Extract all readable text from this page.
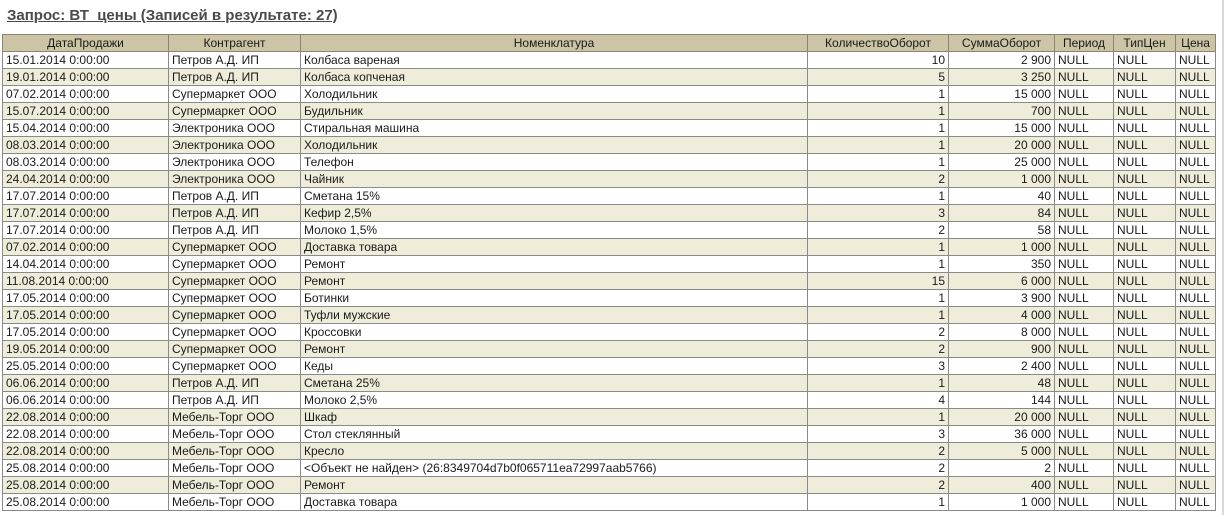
Запрос: ВТ_цены (Записей в результате: 27)
ДатаПродажи	Контрагент	Номенклатура	КоличествоОборот	СуммаОборот	Период	ТипЦен	Цена
15.01.2014 0:00:00	Петров А.Д. ИП	Колбаса вареная	10	2 900	NULL	NULL	NULL
19.01.2014 0:00:00	Петров А.Д. ИП	Колбаса копченая	5	3 250	NULL	NULL	NULL
07.02.2014 0:00:00	Супермаркет ООО	Холодильник	1	15 000	NULL	NULL	NULL
15.07.2014 0:00:00	Супермаркет ООО	Будильник	1	700	NULL	NULL	NULL
15.04.2014 0:00:00	Электроника ООО	Стиральная машина	1	15 000	NULL	NULL	NULL
08.03.2014 0:00:00	Электроника ООО	Холодильник	1	20 000	NULL	NULL	NULL
08.03.2014 0:00:00	Электроника ООО	Телефон	1	25 000	NULL	NULL	NULL
24.04.2014 0:00:00	Электроника ООО	Чайник	2	1 000	NULL	NULL	NULL
17.07.2014 0:00:00	Петров А.Д. ИП	Сметана 15%	1	40	NULL	NULL	NULL
17.07.2014 0:00:00	Петров А.Д. ИП	Кефир 2,5%	3	84	NULL	NULL	NULL
17.07.2014 0:00:00	Петров А.Д. ИП	Молоко 1,5%	2	58	NULL	NULL	NULL
07.02.2014 0:00:00	Супермаркет ООО	Доставка товара	1	1 000	NULL	NULL	NULL
14.04.2014 0:00:00	Супермаркет ООО	Ремонт	1	350	NULL	NULL	NULL
11.08.2014 0:00:00	Супермаркет ООО	Ремонт	15	6 000	NULL	NULL	NULL
17.05.2014 0:00:00	Супермаркет ООО	Ботинки	1	3 900	NULL	NULL	NULL
17.05.2014 0:00:00	Супермаркет ООО	Туфли мужские	1	4 000	NULL	NULL	NULL
17.05.2014 0:00:00	Супермаркет ООО	Кроссовки	2	8 000	NULL	NULL	NULL
19.05.2014 0:00:00	Супермаркет ООО	Ремонт	2	900	NULL	NULL	NULL
25.05.2014 0:00:00	Супермаркет ООО	Кеды	3	2 400	NULL	NULL	NULL
06.06.2014 0:00:00	Петров А.Д. ИП	Сметана 25%	1	48	NULL	NULL	NULL
06.06.2014 0:00:00	Петров А.Д. ИП	Молоко 2,5%	4	144	NULL	NULL	NULL
22.08.2014 0:00:00	Мебель-Торг ООО	Шкаф	1	20 000	NULL	NULL	NULL
22.08.2014 0:00:00	Мебель-Торг ООО	Стол стеклянный	3	36 000	NULL	NULL	NULL
22.08.2014 0:00:00	Мебель-Торг ООО	Кресло	2	5 000	NULL	NULL	NULL
25.08.2014 0:00:00	Мебель-Торг ООО	<Объект не найден> (26:8349704d7b0f065711ea72997aab5766)	2	2	NULL	NULL	NULL
25.08.2014 0:00:00	Мебель-Торг ООО	Ремонт	2	400	NULL	NULL	NULL
25.08.2014 0:00:00	Мебель-Торг ООО	Доставка товара	1	1 000	NULL	NULL	NULL
